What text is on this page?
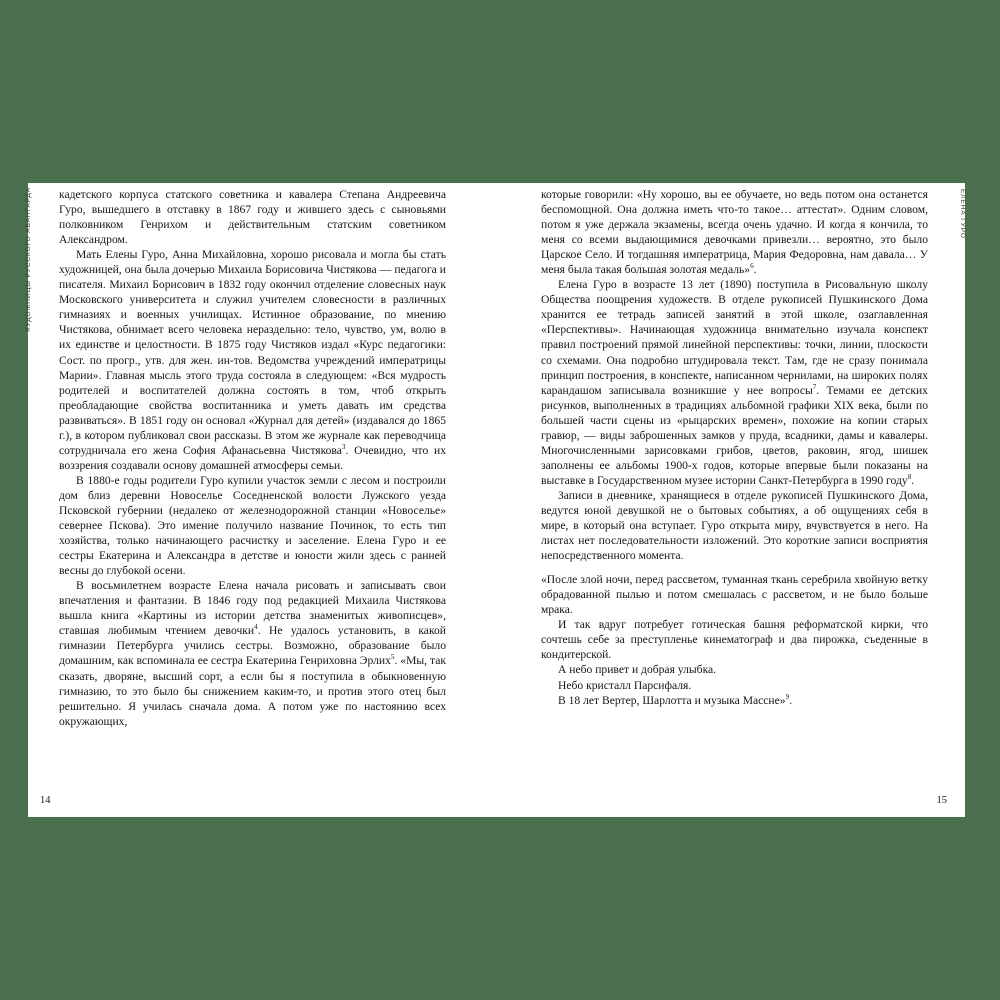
ХУДОЖНИЦЫ РУССКОГО АВАНГАРДА кадетского корпуса статского советника и кавалера Степана Андреевича Гуро, вышедшего в отставку в 1867 году и жившего здесь с сыновьями полковником Генрихом и действительным статским советником Александром.

Мать Елены Гуро, Анна Михайловна, хорошо рисовала и могла бы стать художницей, она была дочерью Михаила Борисовича Чистякова — педагога и писателя. Михаил Борисович в 1832 году окончил отделение словесных наук Московского университета и служил учителем словесности в различных гимназиях и военных училищах. Истинное образование, по мнению Чистякова, обнимает всего человека нераздельно: тело, чувство, ум, волю в их единстве и целостности. В 1875 году Чистяков издал «Курс педагогики: Сост. по прогр., утв. для жен. ин-тов. Ведомства учреждений императрицы Марии». Главная мысль этого труда состояла в следующем: «Вся мудрость родителей и воспитателей должна состоять в том, чтоб открыть преобладающие свойства воспитанника и уметь давать им средства развиваться». В 1851 году он основал «Журнал для детей» (издавался до 1865 г.), в котором публиковал свои рассказы. В этом же журнале как переводчица сотрудничала его жена София Афанасьевна Чистякова$^3$. Очевидно, что их воззрения создавали основу домашней атмосферы семьи.

В 1880-е годы родители Гуро купили участок земли с лесом и построили дом близ деревни Новоселье Соседненской волости Лужского уезда Псковской губернии (недалеко от железнодорожной станции «Новоселье» севернее Пскова). Это имение получило название Починок, то есть тип хозяйства, только начинающего расчистку и заселение. Елена Гуро и ее сестры Екатерина и Александра в детстве и юности жили здесь с ранней весны до глубокой осени.

В восьмилетнем возрасте Елена начала рисовать и записывать свои впечатления и фантазии. В 1846 году под редакцией Михаила Чистякова вышла книга «Картины из истории детства знаменитых живописцев», ставшая любимым чтением девочки$^4$. Не удалось установить, в какой гимназии Петербурга учились сестры. Возможно, образование было домашним, как вспоминала ее сестра Екатерина Генриховна Эрлих$^5$. «Мы, так сказать, дворяне, высший сорт, а если бы я поступила в обыкновенную гимназию, то это было бы снижением каким-то, и против этого отец был решительно. Я училась сначала дома. А потом уже по настоянию всех окружающих,

14
ЕЛЕНА ГУРО

которые говорили: «Ну хорошо, вы ее обучаете, но ведь потом она останется беспомощной. Она должна иметь что-то такое… аттестат». Одним словом, потом я уже держала экзамены, всегда очень удачно. И когда я кончила, то меня со всеми выдающимися девочками привезли… вероятно, это было Царское Село. И тогдашняя императрица, Мария Федоровна, нам давала… У меня была такая большая золотая медаль»$^6$.

Елена Гуро в возрасте 13 лет (1890) поступила в Рисовальную школу Общества поощрения художеств. В отделе рукописей Пушкинского Дома хранится ее тетрадь записей занятий в этой школе, озаглавленная «Перспективы». Начинающая художница внимательно изучала конспект правил построений прямой линейной перспективы: точки, линии, плоскости со схемами. Она подробно штудировала текст. Там, где не сразу понимала принцип построения, в конспекте, написанном чернилами, на широких полях карандашом записывала возникшие у нее вопросы$^7$. Темами ее детских рисунков, выполненных в традициях альбомной графики XIX века, были по большей части сцены из «рыцарских времен», похожие на копии старых гравюр, — виды заброшенных замков у пруда, всадники, дамы и кавалеры. Многочисленными зарисовками грибов, цветов, раковин, ягод, шишек заполнены ее альбомы 1900-х годов, которые впервые были показаны на выставке в Государственном музее истории Санкт-Петербурга в 1990 году$^8$.

Записи в дневнике, хранящиеся в отделе рукописей Пушкинского Дома, ведутся юной девушкой не о бытовых событиях, а об ощущениях себя в мире, в который она вступает. Гуро открыта миру, вчувствуется в него. На листах нет последовательности изложений. Это короткие записи восприятия непосредственного момента.

«После злой ночи, перед рассветом, туманная ткань серебрила хвойную ветку обрадованной пылью и потом смешалась с рассветом, и не было больше мрака.

И так вдруг потребует готическая башня реформатской кирки, что сочтешь себе за преступленье кинематограф и два пирожка, съеденные в кондитерской.

А небо привет и добрая улыбка.

Небо кристалл Парсифаля.

В 18 лет Вертер, Шарлотта и музыка Массне»$^9$.

15
